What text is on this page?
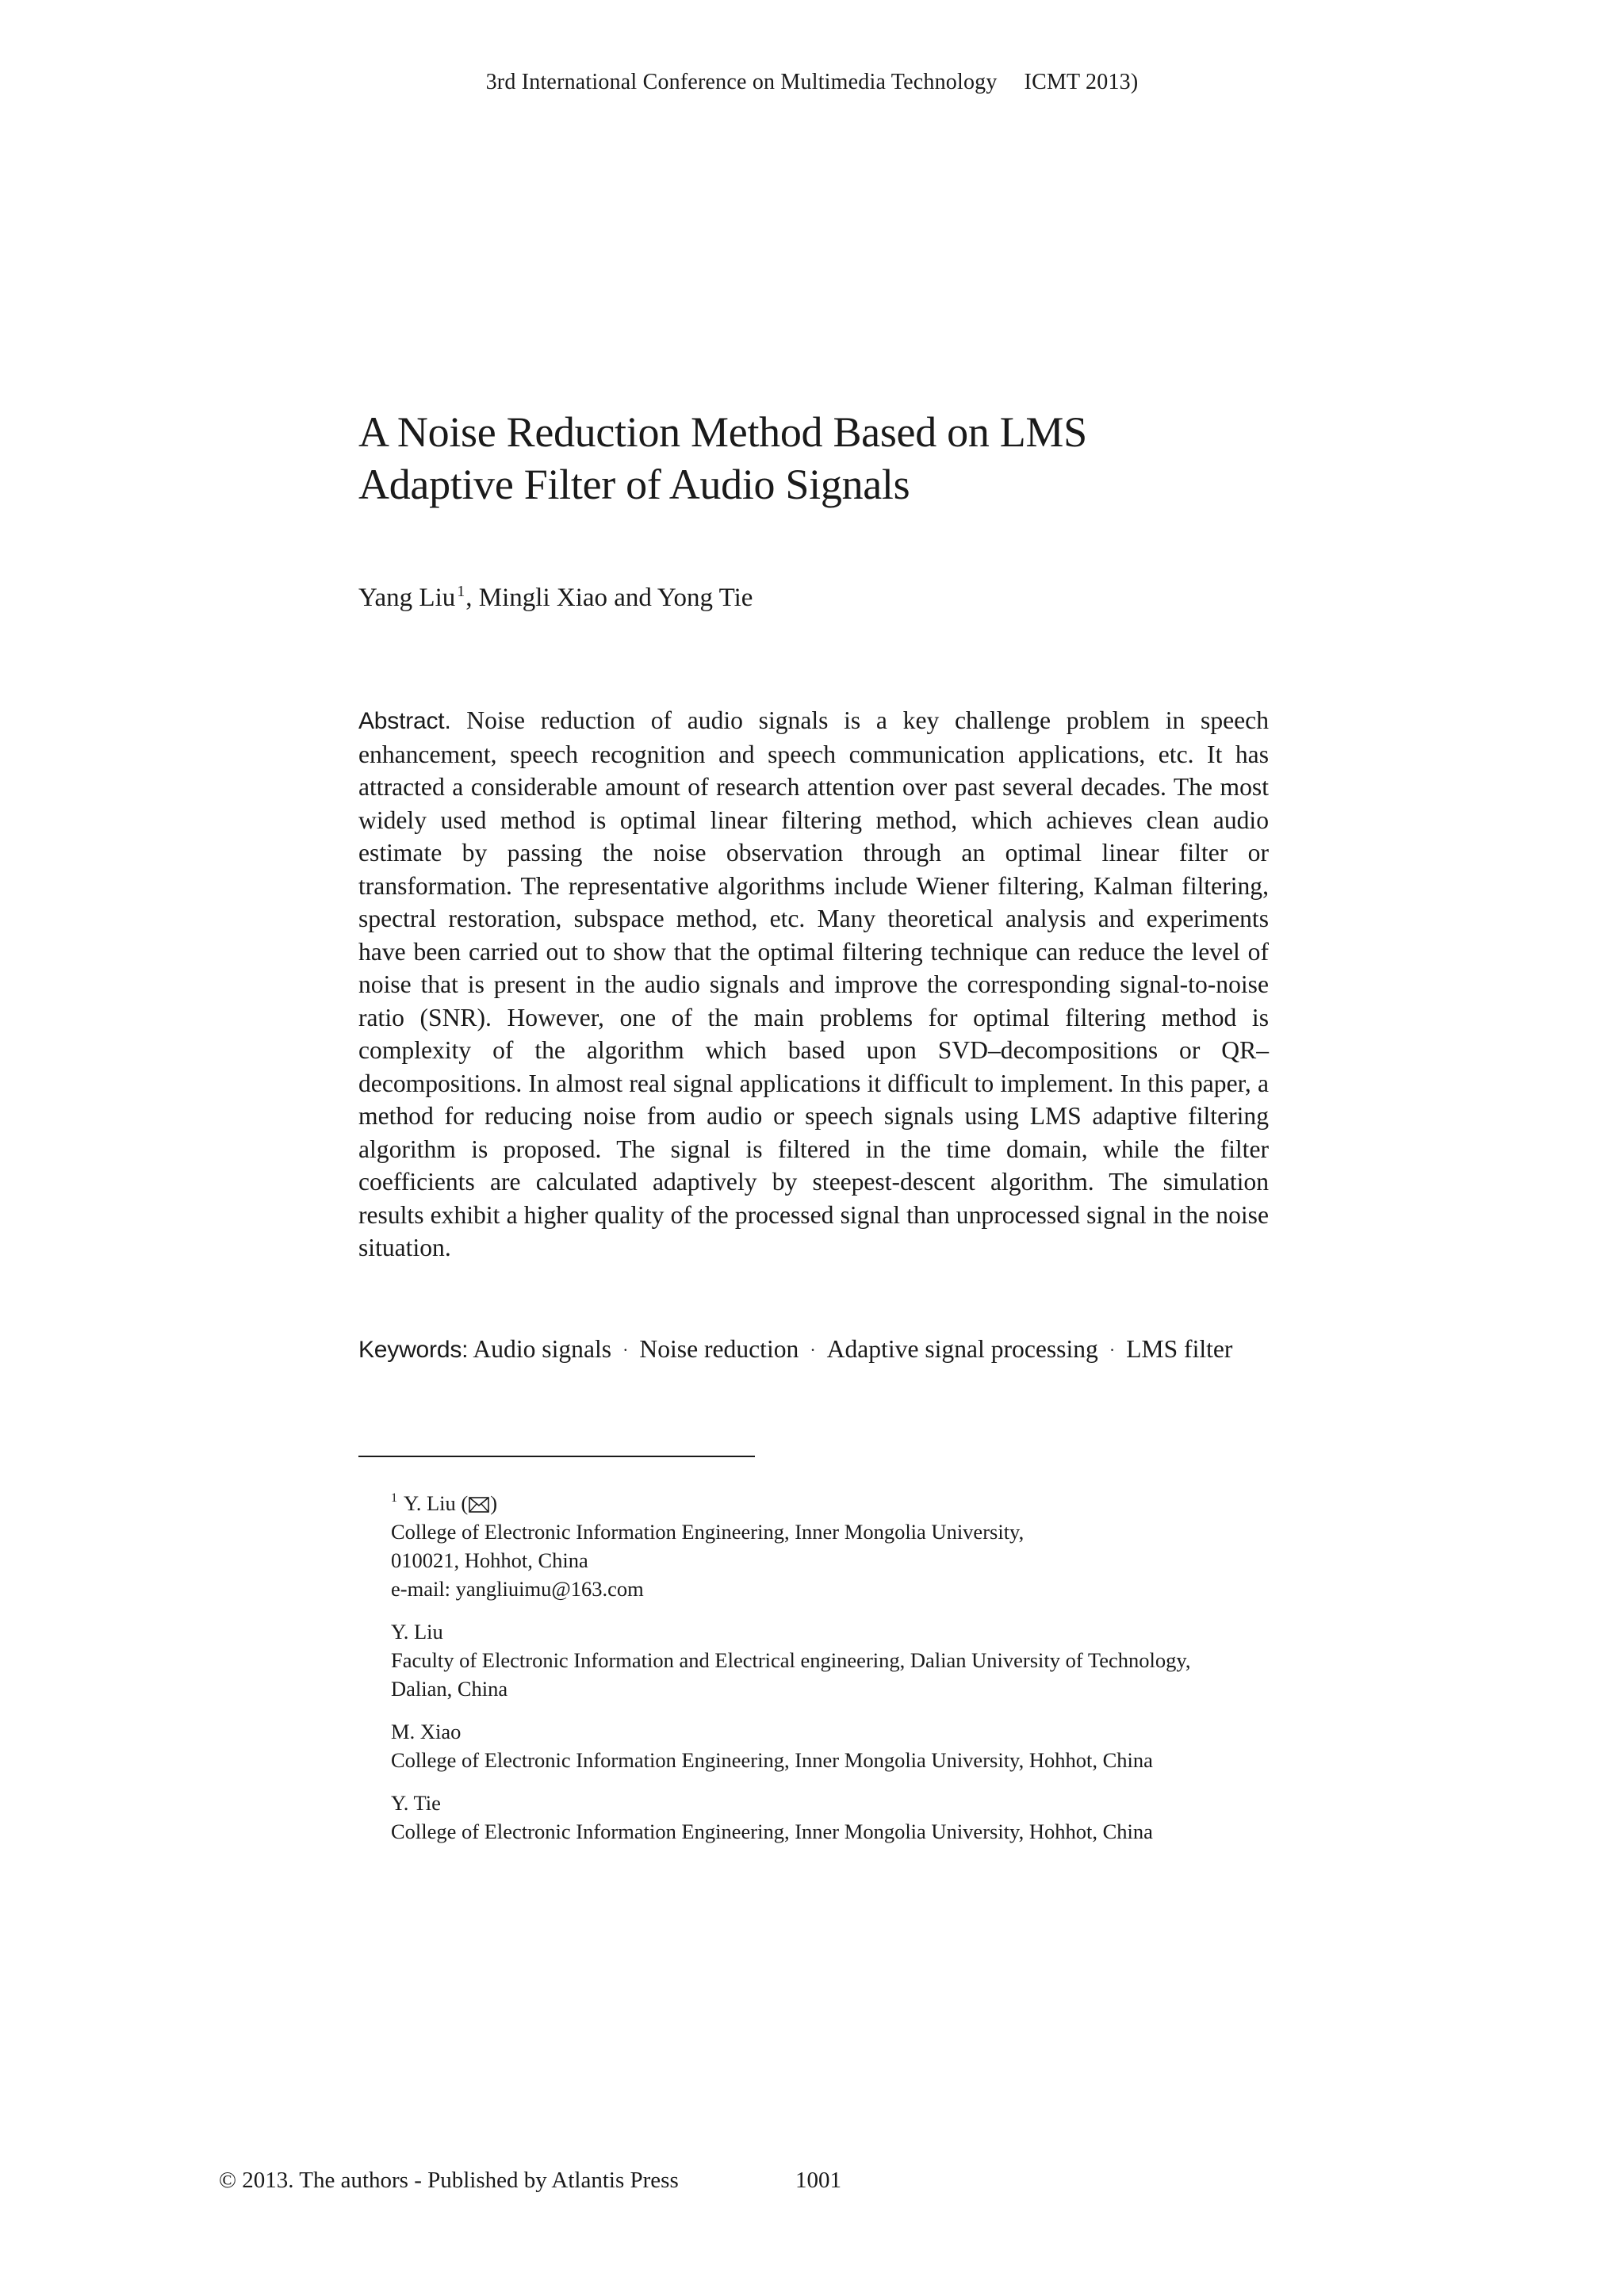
3rd International Conference on Multimedia Technology ICMT 2013)
A Noise Reduction Method Based on LMS
Adaptive Filter of Audio Signals
Yang Liu $^1$, Mingli Xiao and Yong Tie

Abstract. Noise reduction of audio signals is a key challenge problem in speech enhancement, speech recognition and speech communication applications, etc. It has attracted a considerable amount of research attention over past several decades. The most widely used method is optimal linear filtering method, which achieves clean audio estimate by passing the noise observation through an optimal linear filter or transformation. The representative algorithms include Wiener filtering, Kalman filtering, spectral restoration, subspace method, etc. Many theoretical analysis and experiments have been carried out to show that the optimal filtering technique can reduce the level of noise that is present in the audio signals and improve the corresponding signal-to-noise ratio (SNR). However, one of the main problems for optimal filtering method is complexity of the algorithm which based upon SVD–decompositions or QR–decompositions. In almost real signal applications it difficult to implement. In this paper, a method for reducing noise from audio or speech signals using LMS adaptive filtering algorithm is proposed. The signal is filtered in the time domain, while the filter coefficients are calculated adaptively by steepest-descent algorithm. The simulation results exhibit a higher quality of the processed signal than unprocessed signal in the noise situation.

Keywords: Audio signals · Noise reduction · Adaptive signal processing · LMS filter

$^1$ Y. Liu ( )
College of Electronic Information Engineering, Inner Mongolia University,
010021, Hohhot, China
e-mail: yangliuimu@163.com
Y. Liu
Faculty of Electronic Information and Electrical engineering, Dalian University of Technology, Dalian, China
M. Xiao
College of Electronic Information Engineering, Inner Mongolia University, Hohhot, China
Y. Tie
College of Electronic Information Engineering, Inner Mongolia University, Hohhot, China
© 2013. The authors - Published by Atlantis Press	1001
